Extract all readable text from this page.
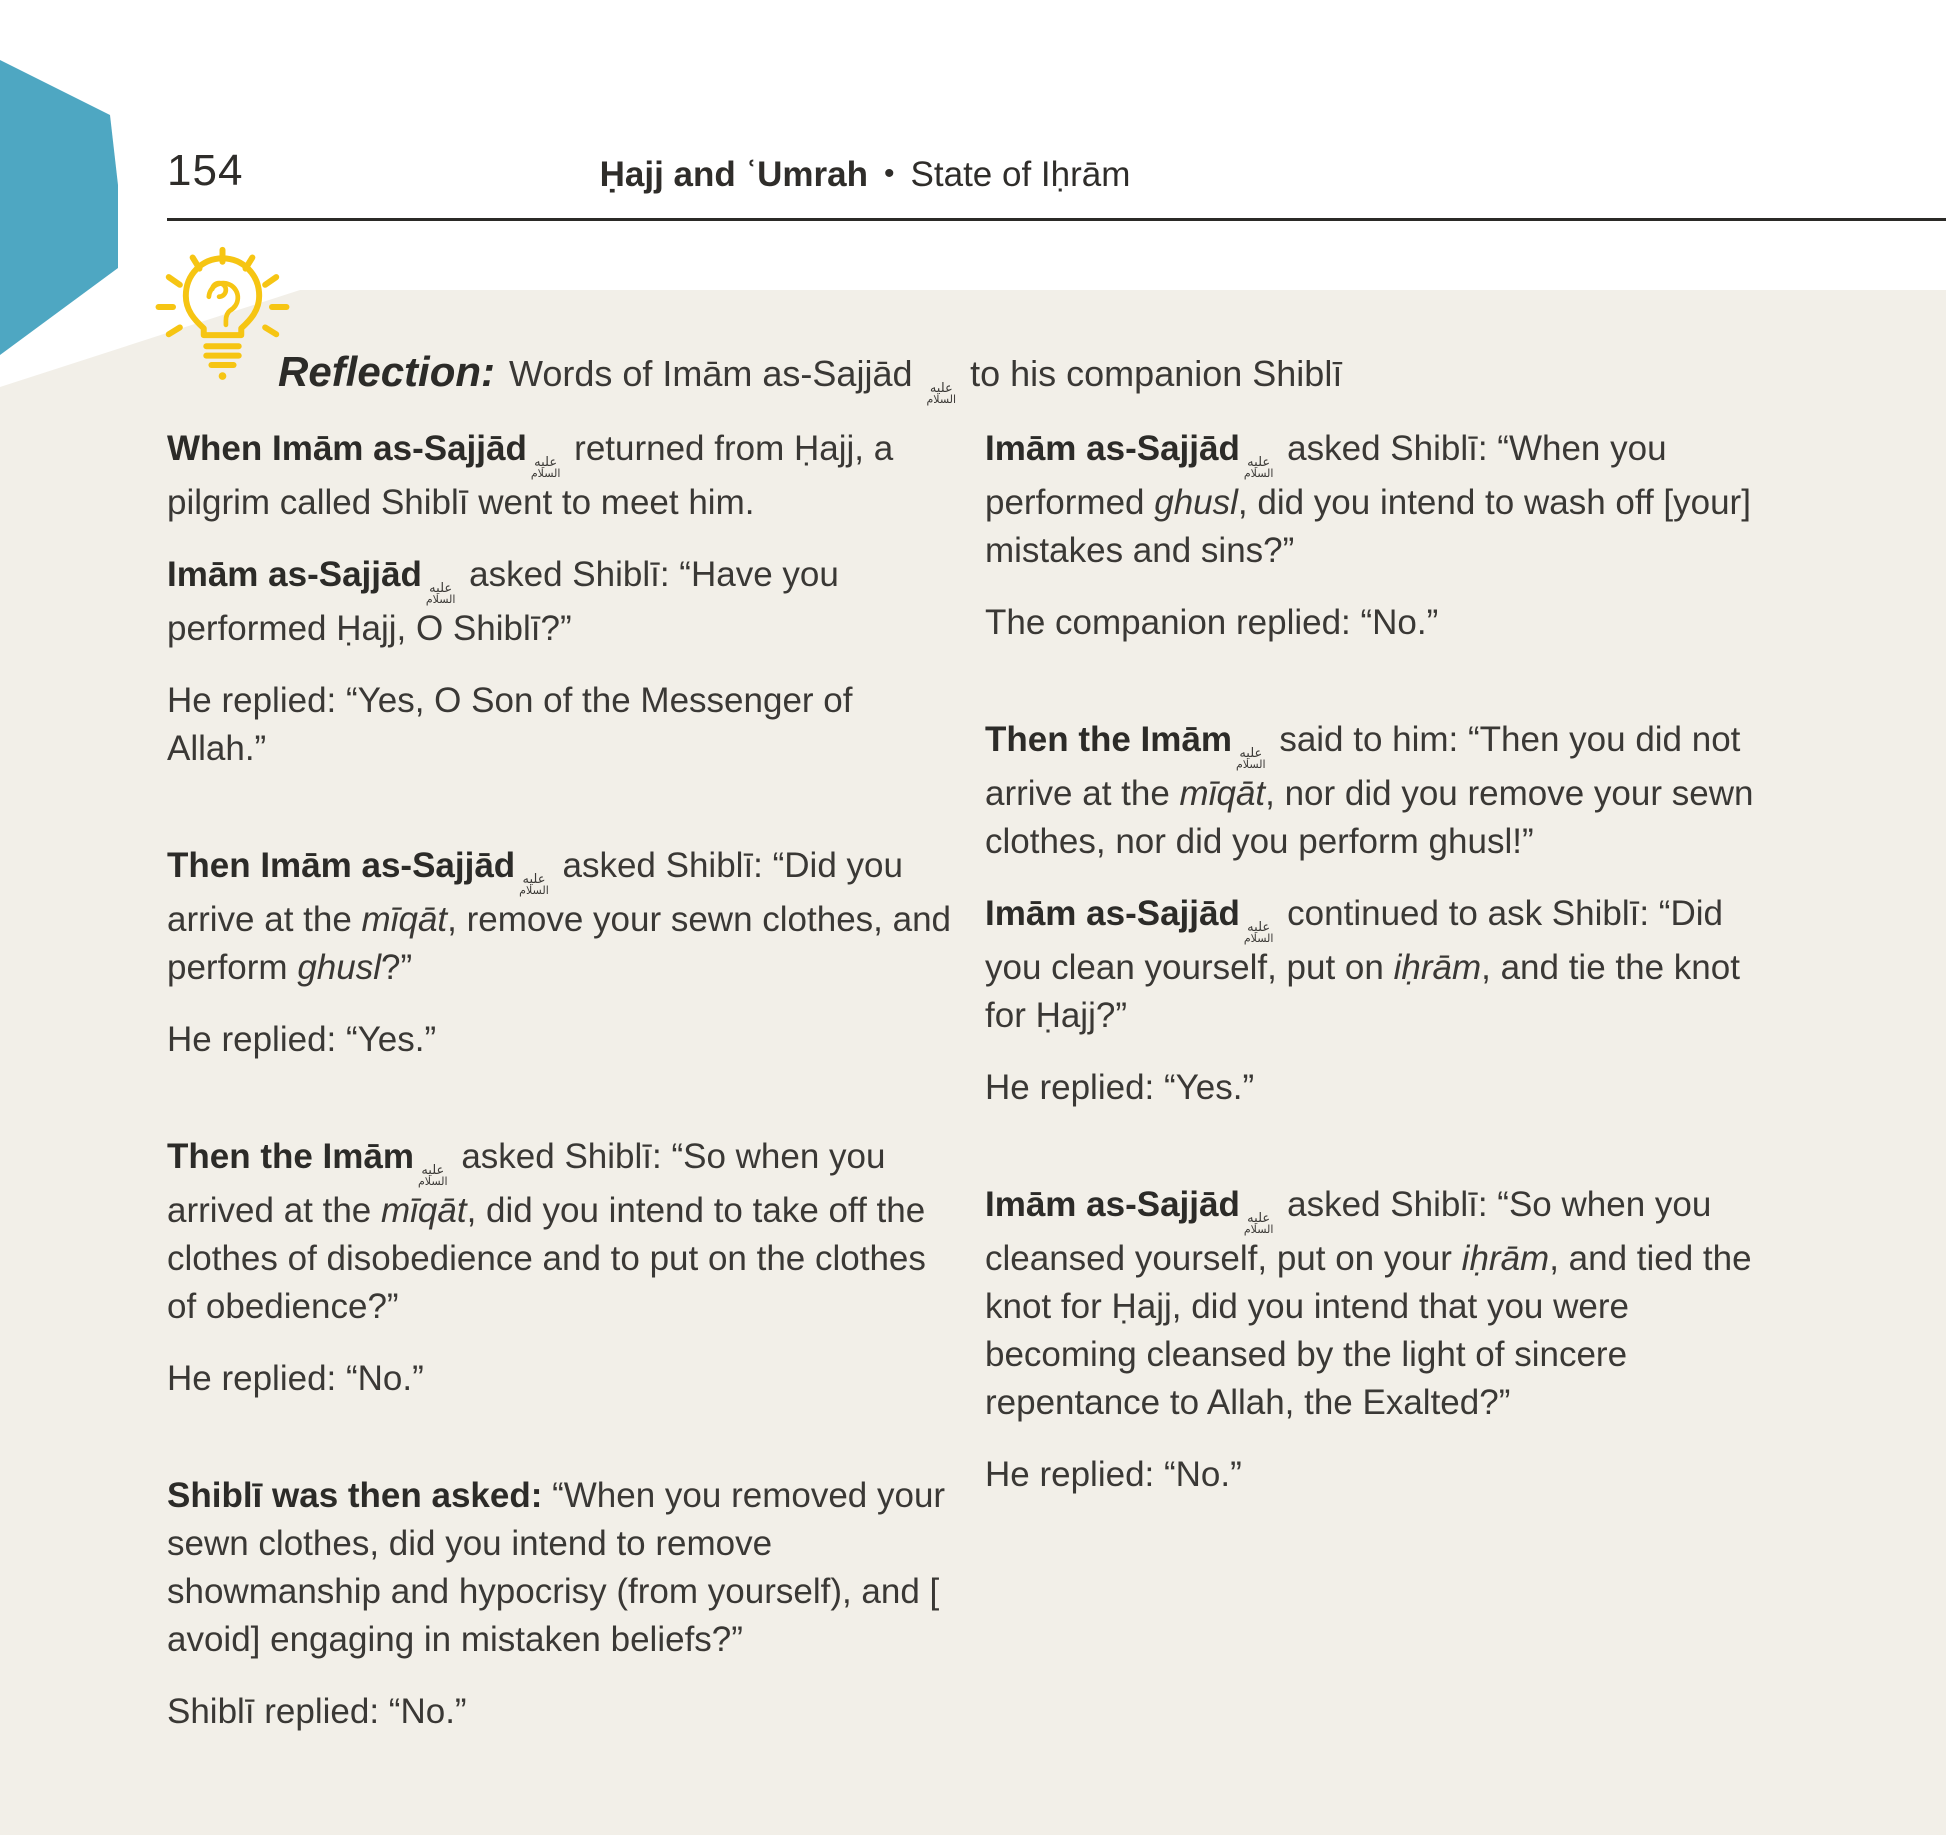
154	Ḥajj and ʿUmrah • State of Iḥrām
Reflection: Words of Imām as-Sajjād عليه
السلام
to his companion Shiblī

When Imām as-Sajjād عليه
السلام
returned from Ḥajj, a pilgrim called Shiblī went to meet him.

Imām as-Sajjād عليه
السلام
asked Shiblī: “Have you performed Ḥajj, O Shiblī?”

He replied: “Yes, O Son of the Messenger of Allah.”

Then Imām as-Sajjād عليه
السلام
asked Shiblī: “Did you arrive at the mīqāt, remove your sewn clothes, and perform ghusl?”

He replied: “Yes.”

Then the Imām عليه
السلام
asked Shiblī: “So when you arrived at the mīqāt, did you intend to take off the clothes of disobedience and to put on the clothes of obedience?”

He replied: “No.”

Shiblī was then asked: “When you removed your sewn clothes, did you intend to remove showmanship and hypocrisy (from yourself), and [ avoid] engaging in mistaken beliefs?”

Shiblī replied: “No.”

Imām as-Sajjād عليه
السلام
asked Shiblī: “When you performed ghusl, did you intend to wash off [your] mistakes and sins?”

The companion replied: “No.”

Then the Imām عليه
السلام
said to him: “Then you did not arrive at the mīqāt, nor did you remove your sewn clothes, nor did you perform ghusl!”

Imām as-Sajjād عليه
السلام
continued to ask Shiblī: “Did you clean yourself, put on iḥrām, and tie the knot for Ḥajj?”

He replied: “Yes.”

Imām as-Sajjād عليه
السلام
asked Shiblī: “So when you cleansed yourself, put on your iḥrām, and tied the knot for Ḥajj, did you intend that you were becoming cleansed by the light of sincere repentance to Allah, the Exalted?”

He replied: “No.”
